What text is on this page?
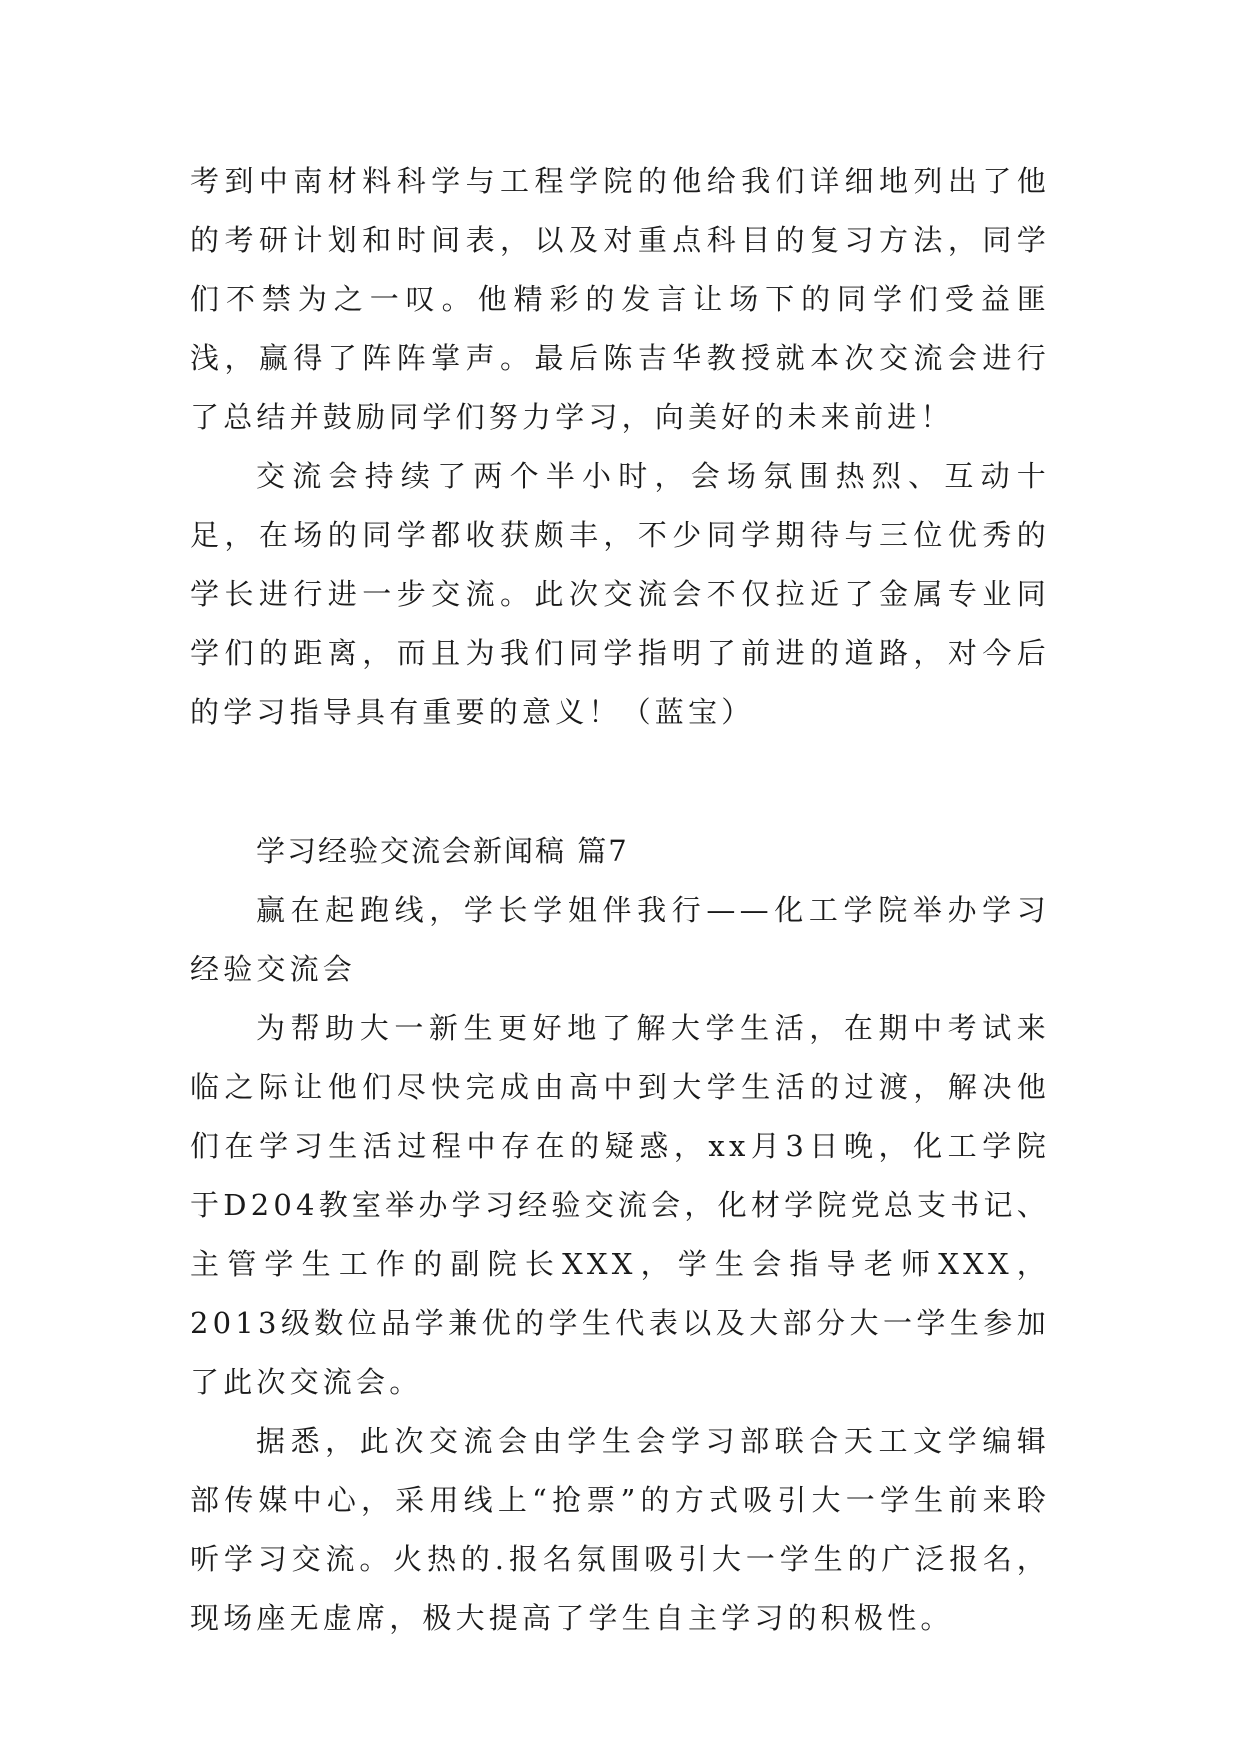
考到中南材料科学与工程学院的他给我们详细地列出了他的考研计划和时间表，以及对重点科目的复习方法，同学们不禁为之一叹。他精彩的发言让场下的同学们受益匪浅，赢得了阵阵掌声。最后陈吉华教授就本次交流会进行了总结并鼓励同学们努力学习，向美好的未来前进！

交流会持续了两个半小时，会场氛围热烈、互动十足，在场的同学都收获颇丰，不少同学期待与三位优秀的学长进行进一步交流。此次交流会不仅拉近了金属专业同学们的距离，而且为我们同学指明了前进的道路，对今后的学习指导具有重要的意义！（蓝宝）

学习经验交流会新闻稿 篇7

赢在起跑线，学长学姐伴我行——化工学院举办学习经验交流会

为帮助大一新生更好地了解大学生活，在期中考试来临之际让他们尽快完成由高中到大学生活的过渡，解决他们在学习生活过程中存在的疑惑，xx月3日晚，化工学院于D204教室举办学习经验交流会，化材学院党总支书记、主管学生工作的副院长XXX，学生会指导老师XXX，2013级数位品学兼优的学生代表以及大部分大一学生参加了此次交流会。

据悉，此次交流会由学生会学习部联合天工文学编辑部传媒中心，采用线上“抢票”的方式吸引大一学生前来聆听学习交流。火热的.报名氛围吸引大一学生的广泛报名，现场座无虚席，极大提高了学生自主学习的积极性。
